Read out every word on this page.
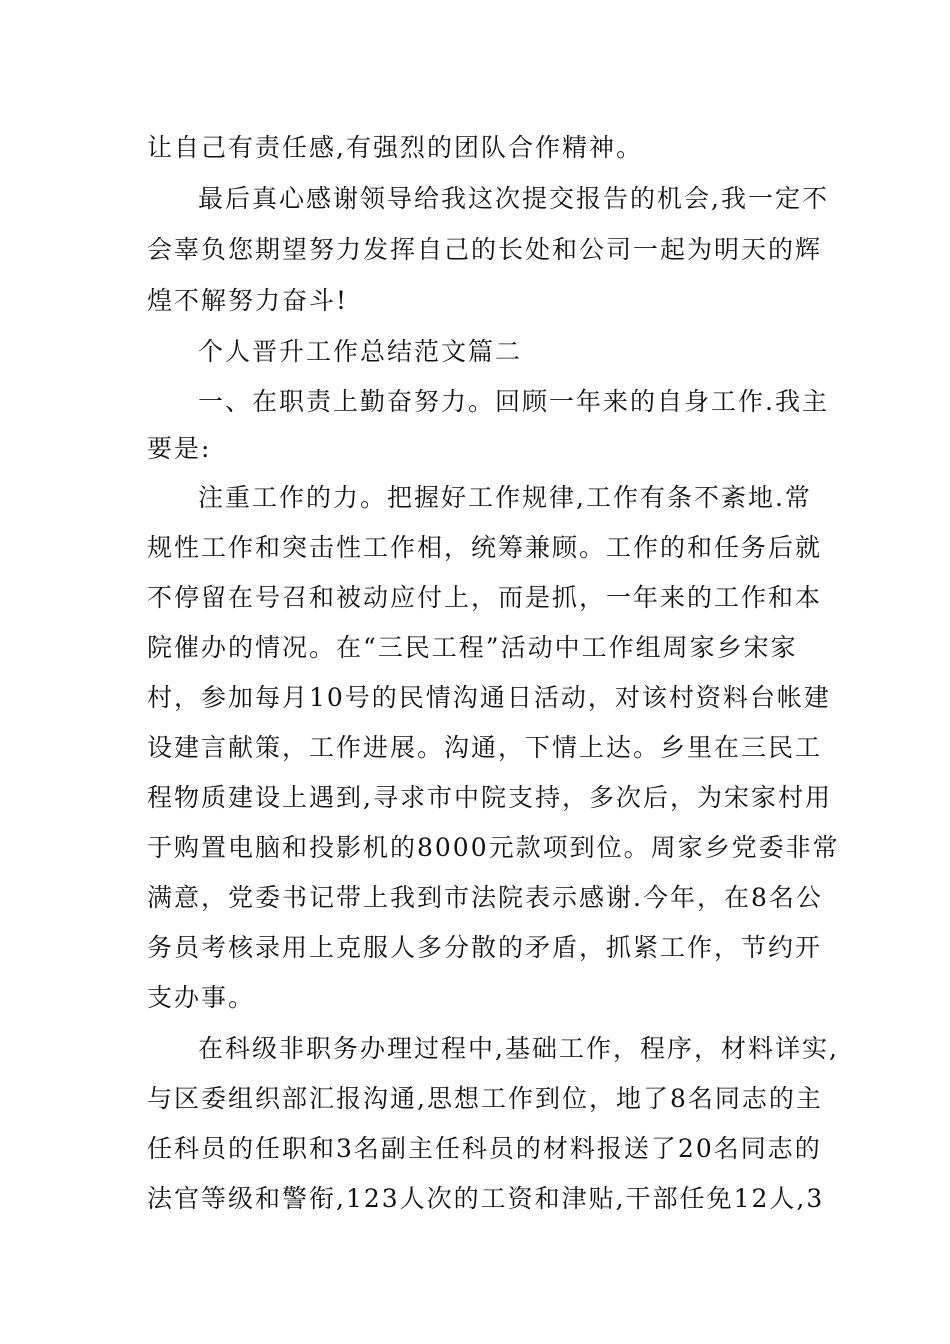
让自己有责任感,有强烈的团队合作精神。
最后真心感谢领导给我这次提交报告的机会,我一定不
会辜负您期望努力发挥自己的长处和公司一起为明天的辉
煌不解努力奋斗!
个人晋升工作总结范文篇二
一、在职责上勤奋努力。回顾一年来的自身工作.我主
要是:
注重工作的力。把握好工作规律,工作有条不紊地.常
规性工作和突击性工作相，统筹兼顾。工作的和任务后就
不停留在号召和被动应付上，而是抓，一年来的工作和本
院催办的情况。在“三民工程”活动中工作组周家乡宋家
村，参加每月10号的民情沟通日活动，对该村资料台帐建
设建言献策，工作进展。沟通，下情上达。乡里在三民工
程物质建设上遇到,寻求市中院支持，多次后，为宋家村用
于购置电脑和投影机的8000元款项到位。周家乡党委非常
满意，党委书记带上我到市法院表示感谢.今年，在8名公
务员考核录用上克服人多分散的矛盾，抓紧工作，节约开
支办事。
在科级非职务办理过程中,基础工作，程序，材料详实,
与区委组织部汇报沟通,思想工作到位，地了8名同志的主
任科员的任职和3名副主任科员的材料报送了20名同志的
法官等级和警衔,123人次的工资和津贴,干部任免12人,3
